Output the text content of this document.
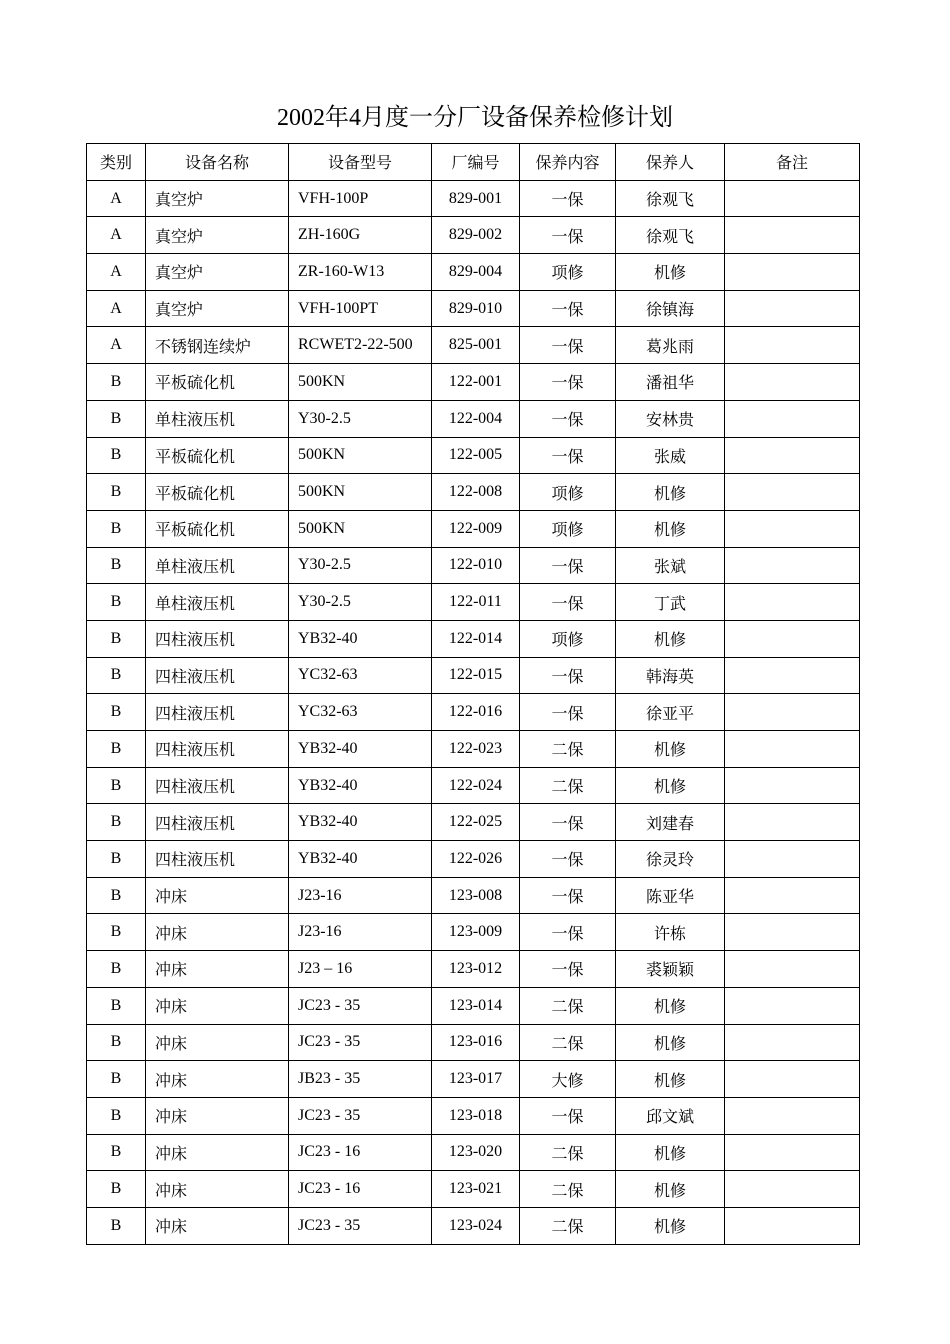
2002年4月度一分厂设备保养检修计划
类别	设备名称	设备型号	厂编号	保养内容	保养人	备注
A	真空炉	VFH-100P	829-001	一保	徐观飞	
A	真空炉	ZH-160G	829-002	一保	徐观飞	
A	真空炉	ZR-160-W13	829-004	项修	机修	
A	真空炉	VFH-100PT	829-010	一保	徐镇海	
A	不锈钢连续炉	RCWET2-22-500	825-001	一保	葛兆雨	
B	平板硫化机	500KN	122-001	一保	潘祖华	
B	单柱液压机	Y30-2.5	122-004	一保	安林贵	
B	平板硫化机	500KN	122-005	一保	张威	
B	平板硫化机	500KN	122-008	项修	机修	
B	平板硫化机	500KN	122-009	项修	机修	
B	单柱液压机	Y30-2.5	122-010	一保	张斌	
B	单柱液压机	Y30-2.5	122-011	一保	丁武	
B	四柱液压机	YB32-40	122-014	项修	机修	
B	四柱液压机	YC32-63	122-015	一保	韩海英	
B	四柱液压机	YC32-63	122-016	一保	徐亚平	
B	四柱液压机	YB32-40	122-023	二保	机修	
B	四柱液压机	YB32-40	122-024	二保	机修	
B	四柱液压机	YB32-40	122-025	一保	刘建春	
B	四柱液压机	YB32-40	122-026	一保	徐灵玲	
B	冲床	J23-16	123-008	一保	陈亚华	
B	冲床	J23-16	123-009	一保	许栋	
B	冲床	J23 – 16	123-012	一保	裘颖颖	
B	冲床	JC23 - 35	123-014	二保	机修	
B	冲床	JC23 - 35	123-016	二保	机修	
B	冲床	JB23 - 35	123-017	大修	机修	
B	冲床	JC23 - 35	123-018	一保	邱文斌	
B	冲床	JC23 - 16	123-020	二保	机修	
B	冲床	JC23 - 16	123-021	二保	机修	
B	冲床	JC23 - 35	123-024	二保	机修	
